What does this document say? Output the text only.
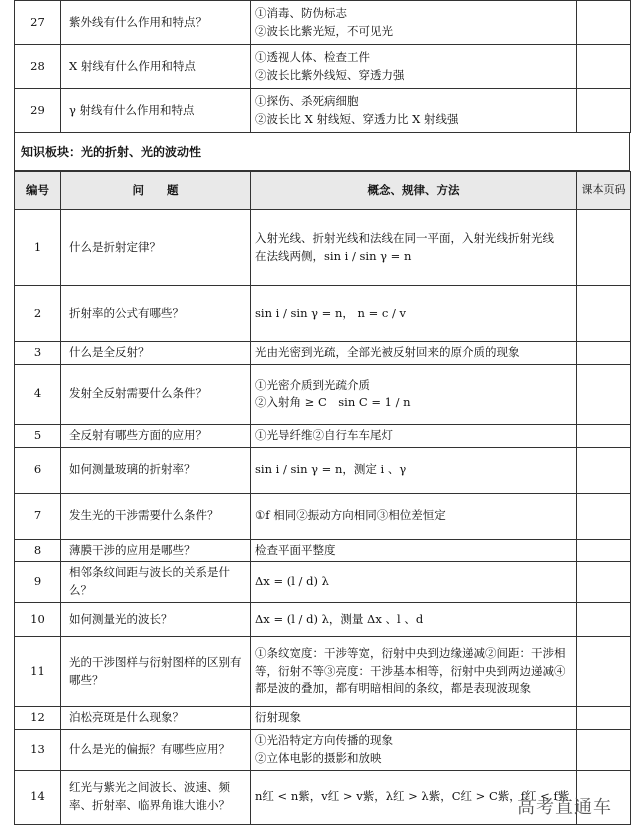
27	紫外线有什么作用和特点？	①消毒、防伪标志
②波长比紫光短，不可见光	

28	X 射线有什么作用和特点	①透视人体、检查工件
②波长比紫外线短、穿透力强	

29	γ 射线有什么作用和特点	①探伤、杀死病细胞
②波长比 X 射线短、穿透力比 X 射线强	

知识板块：光的折射、光的波动性
编号	问　　题	概念、规律、方法	课本页码
1	什么是折射定律？	入射光线、折射光线和法线在同一平面，入射光线折射光线
在法线两侧，sin i / sin γ = n	

2	折射率的公式有哪些？	sin i / sin γ = n， n = c / v	

3	什么是全反射？	光由光密到光疏，全部光被反射回来的原介质的现象	

4	发射全反射需要什么条件？	①光密介质到光疏介质
②入射角 ≥ C　sin C = 1 / n	

5	全反射有哪些方面的应用？	①光导纤维②自行车车尾灯	

6	如何测量玻璃的折射率？	sin i / sin γ = n，测定 i 、γ	

7	发生光的干涉需要什么条件？	①f 相同②振动方向相同③相位差恒定	

8	薄膜干涉的应用是哪些？	检查平面平整度	

9	相邻条纹间距与波长的关系是什么？	Δx = (l / d) λ	

10	如何测量光的波长？	Δx = (l / d) λ，测量 Δx 、l 、d	

11	光的干涉图样与衍射图样的区别有哪些？	①条纹宽度：干涉等宽，衍射中央到边缘递减②间距：干涉相
等，衍射不等③亮度：干涉基本相等，衍射中央到两边递减④
都是波的叠加，都有明暗相间的条纹，都是表现波现象	

12	泊松亮斑是什么现象？	衍射现象	

13	什么是光的偏振？有哪些应用？	①光沿特定方向传播的现象
②立体电影的摄影和放映	

14	红光与紫光之间波长、波速、频率、折射率、临界角谁大谁小？	n红 < n紫，v红 > v紫，λ红 > λ紫，C红 > C紫，f红 < f紫	

高考直通车
